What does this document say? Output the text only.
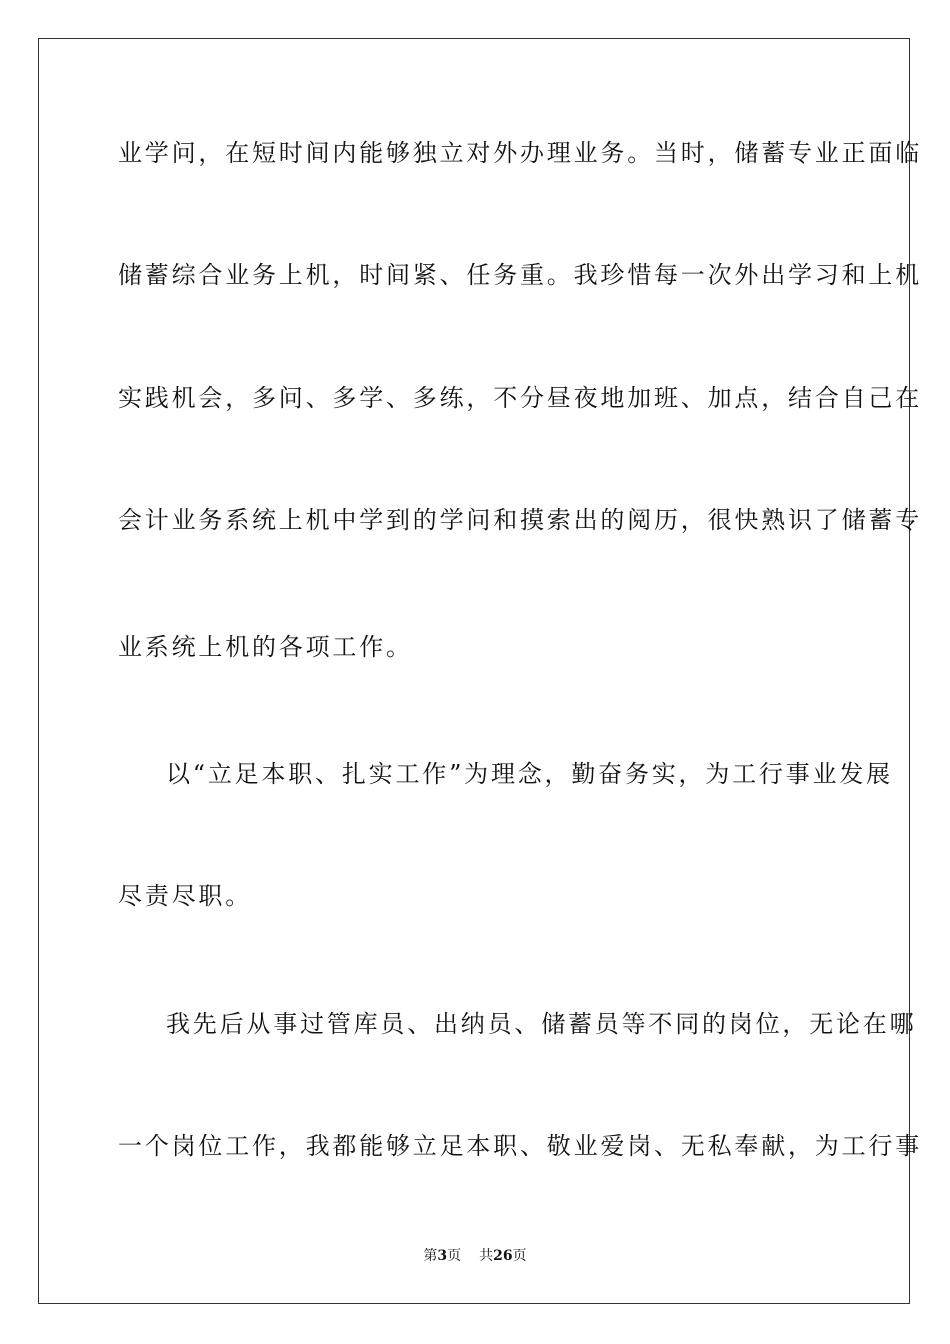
业学问，在短时间内能够独立对外办理业务。当时，储蓄专业正面临
储蓄综合业务上机，时间紧、任务重。我珍惜每一次外出学习和上机
实践机会，多问、多学、多练，不分昼夜地加班、加点，结合自己在
会计业务系统上机中学到的学问和摸索出的阅历，很快熟识了储蓄专
业系统上机的各项工作。
以“立足本职、扎实工作”为理念，勤奋务实，为工行事业发展
尽责尽职。
我先后从事过管库员、出纳员、储蓄员等不同的岗位，无论在哪
一个岗位工作，我都能够立足本职、敬业爱岗、无私奉献，为工行事
第3页 共26页
